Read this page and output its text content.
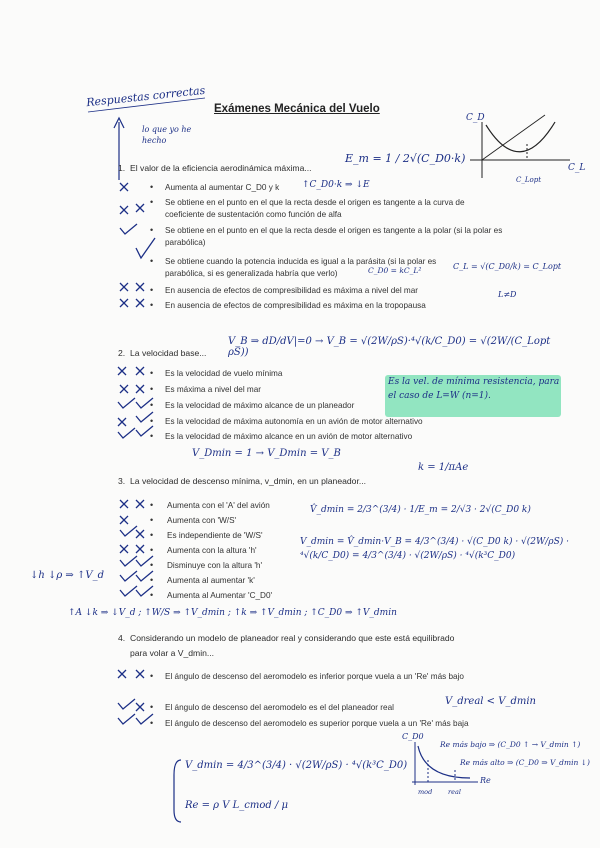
Respuestas correctas Exámenes Mecánica del Vuelo
lo que yo he hecho
C_D
C_L
C_Lopt
1. El valor de la eficiencia aerodinámica máxima...
E_m = 1 / 2√(C_D0·k)
• Aumenta al aumentar C_D0 y k	↑C_D0·k ⇒ ↓E
• Se obtiene en el punto en el que la recta desde el origen es tangente a la curva de coeficiente de sustentación como función de alfa
• Se obtiene en el punto en el que la recta desde el origen es tangente a la polar (si la polar es parabólica)
• Se obtiene cuando la potencia inducida es igual a la parásita (si la polar es parabólica, si es generalizada habría que verlo)	C_D0 = kC_L²	C_L = √(C_D0/k) = C_Lopt
L≠D
• En ausencia de efectos de compresibilidad es máxima a nivel del mar
• En ausencia de efectos de compresibilidad es máxima en la tropopausa
2. La velocidad base...
V_B ⇒ dD/dV|=0 → V_B = √(2W/ρS)·⁴√(k/C_D0) = √(2W/(C_Lopt ρS))
• Es la velocidad de vuelo mínima
• Es máxima a nivel del mar
• Es la velocidad de máximo alcance de un planeador
• Es la velocidad de máxima autonomía en un avión de motor alternativo
• Es la velocidad de máximo alcance en un avión de motor alternativo
Es la vel. de mínima resistencia, para el caso de L=W (n=1).
V_Dmin = 1 → V_Dmin = V_B
3. La velocidad de descenso mínima, v_dmin, en un planeador...
k = 1/πAe
• Aumenta con el 'A' del avión
• Aumenta con 'W/S'
• Es independiente de 'W/S'
• Aumenta con la altura 'h'
• Disminuye con la altura 'h'
• Aumenta al aumentar 'k'
• Aumenta al Aumentar 'C_D0'
V̂_dmin = 2/3^(3/4) · 1/E_m = 2/√3 · 2√(C_D0 k)
V_dmin = V̂_dmin·V_B = 4/3^(3/4) · √(C_D0 k) · √(2W/ρS) · ⁴√(k/C_D0) = 4/3^(3/4) · √(2W/ρS) · ⁴√(k³C_D0)
↓h ↓ρ ⇒ ↑V_d
↑A ↓k ⇒ ↓V_d ; ↑W/S ⇒ ↑V_dmin ; ↑k ⇒ ↑V_dmin ; ↑C_D0 ⇒ ↑V_dmin
4. Considerando un modelo de planeador real y considerando que este está equilibrado
para volar a V_dmin...
• El ángulo de descenso del aeromodelo es inferior porque vuela a un 'Re' más bajo
• El ángulo de descenso del aeromodelo es el del planeador real
V_dreal < V_dmin
• El ángulo de descenso del aeromodelo es superior porque vuela a un 'Re' más baja
V_dmin = 4/3^(3/4) · √(2W/ρS) · ⁴√(k³C_D0)
Re = ρ V L_cmod / μ
C_D0
Re
mod real
Re más bajo ⇒ (C_D0 ↑ → V_dmin ↑)
Re más alto ⇒ (C_D0 ⇒ V_dmin ↓)
